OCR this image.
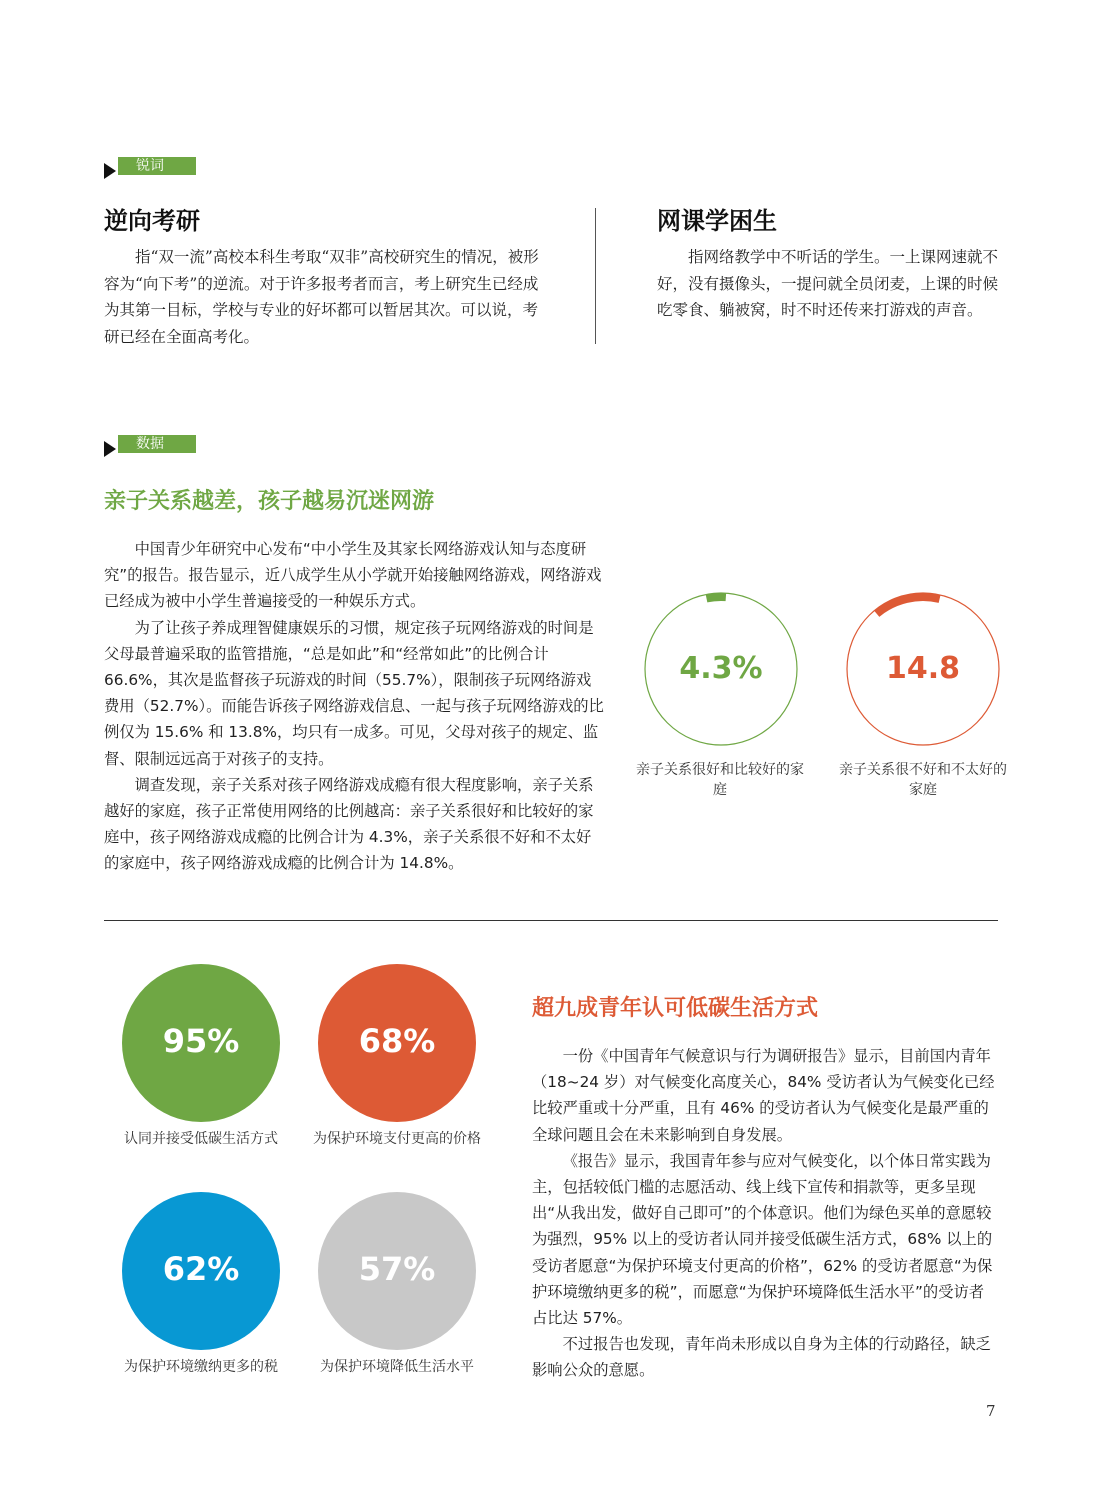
锐词
逆向考研

指“双一流”高校本科生考取“双非”高校研究生的情况，被形容为“向下考”的逆流。对于许多报考者而言，考上研究生已经成为其第一目标，学校与专业的好坏都可以暂居其次。可以说，考研已经在全面高考化。

网课学困生

指网络教学中不听话的学生。一上课网速就不好，没有摄像头，一提问就全员闭麦，上课的时候吃零食、躺被窝，时不时还传来打游戏的声音。

数据
亲子关系越差，孩子越易沉迷网游

中国青少年研究中心发布“中小学生及其家长网络游戏认知与态度研究”的报告。报告显示，近八成学生从小学就开始接触网络游戏，网络游戏已经成为被中小学生普遍接受的一种娱乐方式。

为了让孩子养成理智健康娱乐的习惯，规定孩子玩网络游戏的时间是父母最普遍采取的监管措施，“总是如此”和“经常如此”的比例合计 66.6%，其次是监督孩子玩游戏的时间（55.7%），限制孩子玩网络游戏费用（52.7%）。而能告诉孩子网络游戏信息、一起与孩子玩网络游戏的比例仅为 15.6% 和 13.8%，均只有一成多。可见，父母对孩子的规定、监督、限制远远高于对孩子的支持。

调查发现，亲子关系对孩子网络游戏成瘾有很大程度影响，亲子关系越好的家庭，孩子正常使用网络的比例越高：亲子关系很好和比较好的家庭中，孩子网络游戏成瘾的比例合计为 4.3%，亲子关系很不好和不太好的家庭中，孩子网络游戏成瘾的比例合计为 14.8%。

4.3%
亲子关系很好和比较好的家庭
14.8
亲子关系很不好和不太好的家庭
95%
认同并接受低碳生活方式
68%
为保护环境支付更高的价格
62%
为保护环境缴纳更多的税
57%
为保护环境降低生活水平
超九成青年认可低碳生活方式

一份《中国青年气候意识与行为调研报告》显示，目前国内青年（18~24 岁）对气候变化高度关心，84% 受访者认为气候变化已经比较严重或十分严重，且有 46% 的受访者认为气候变化是最严重的全球问题且会在未来影响到自身发展。

《报告》显示，我国青年参与应对气候变化，以个体日常实践为主，包括较低门槛的志愿活动、线上线下宣传和捐款等，更多呈现出“从我出发，做好自己即可”的个体意识。他们为绿色买单的意愿较为强烈，95% 以上的受访者认同并接受低碳生活方式，68% 以上的受访者愿意“为保护环境支付更高的价格”，62% 的受访者愿意“为保护环境缴纳更多的税”，而愿意“为保护环境降低生活水平”的受访者占比达 57%。

不过报告也发现，青年尚未形成以自身为主体的行动路径，缺乏影响公众的意愿。

7
